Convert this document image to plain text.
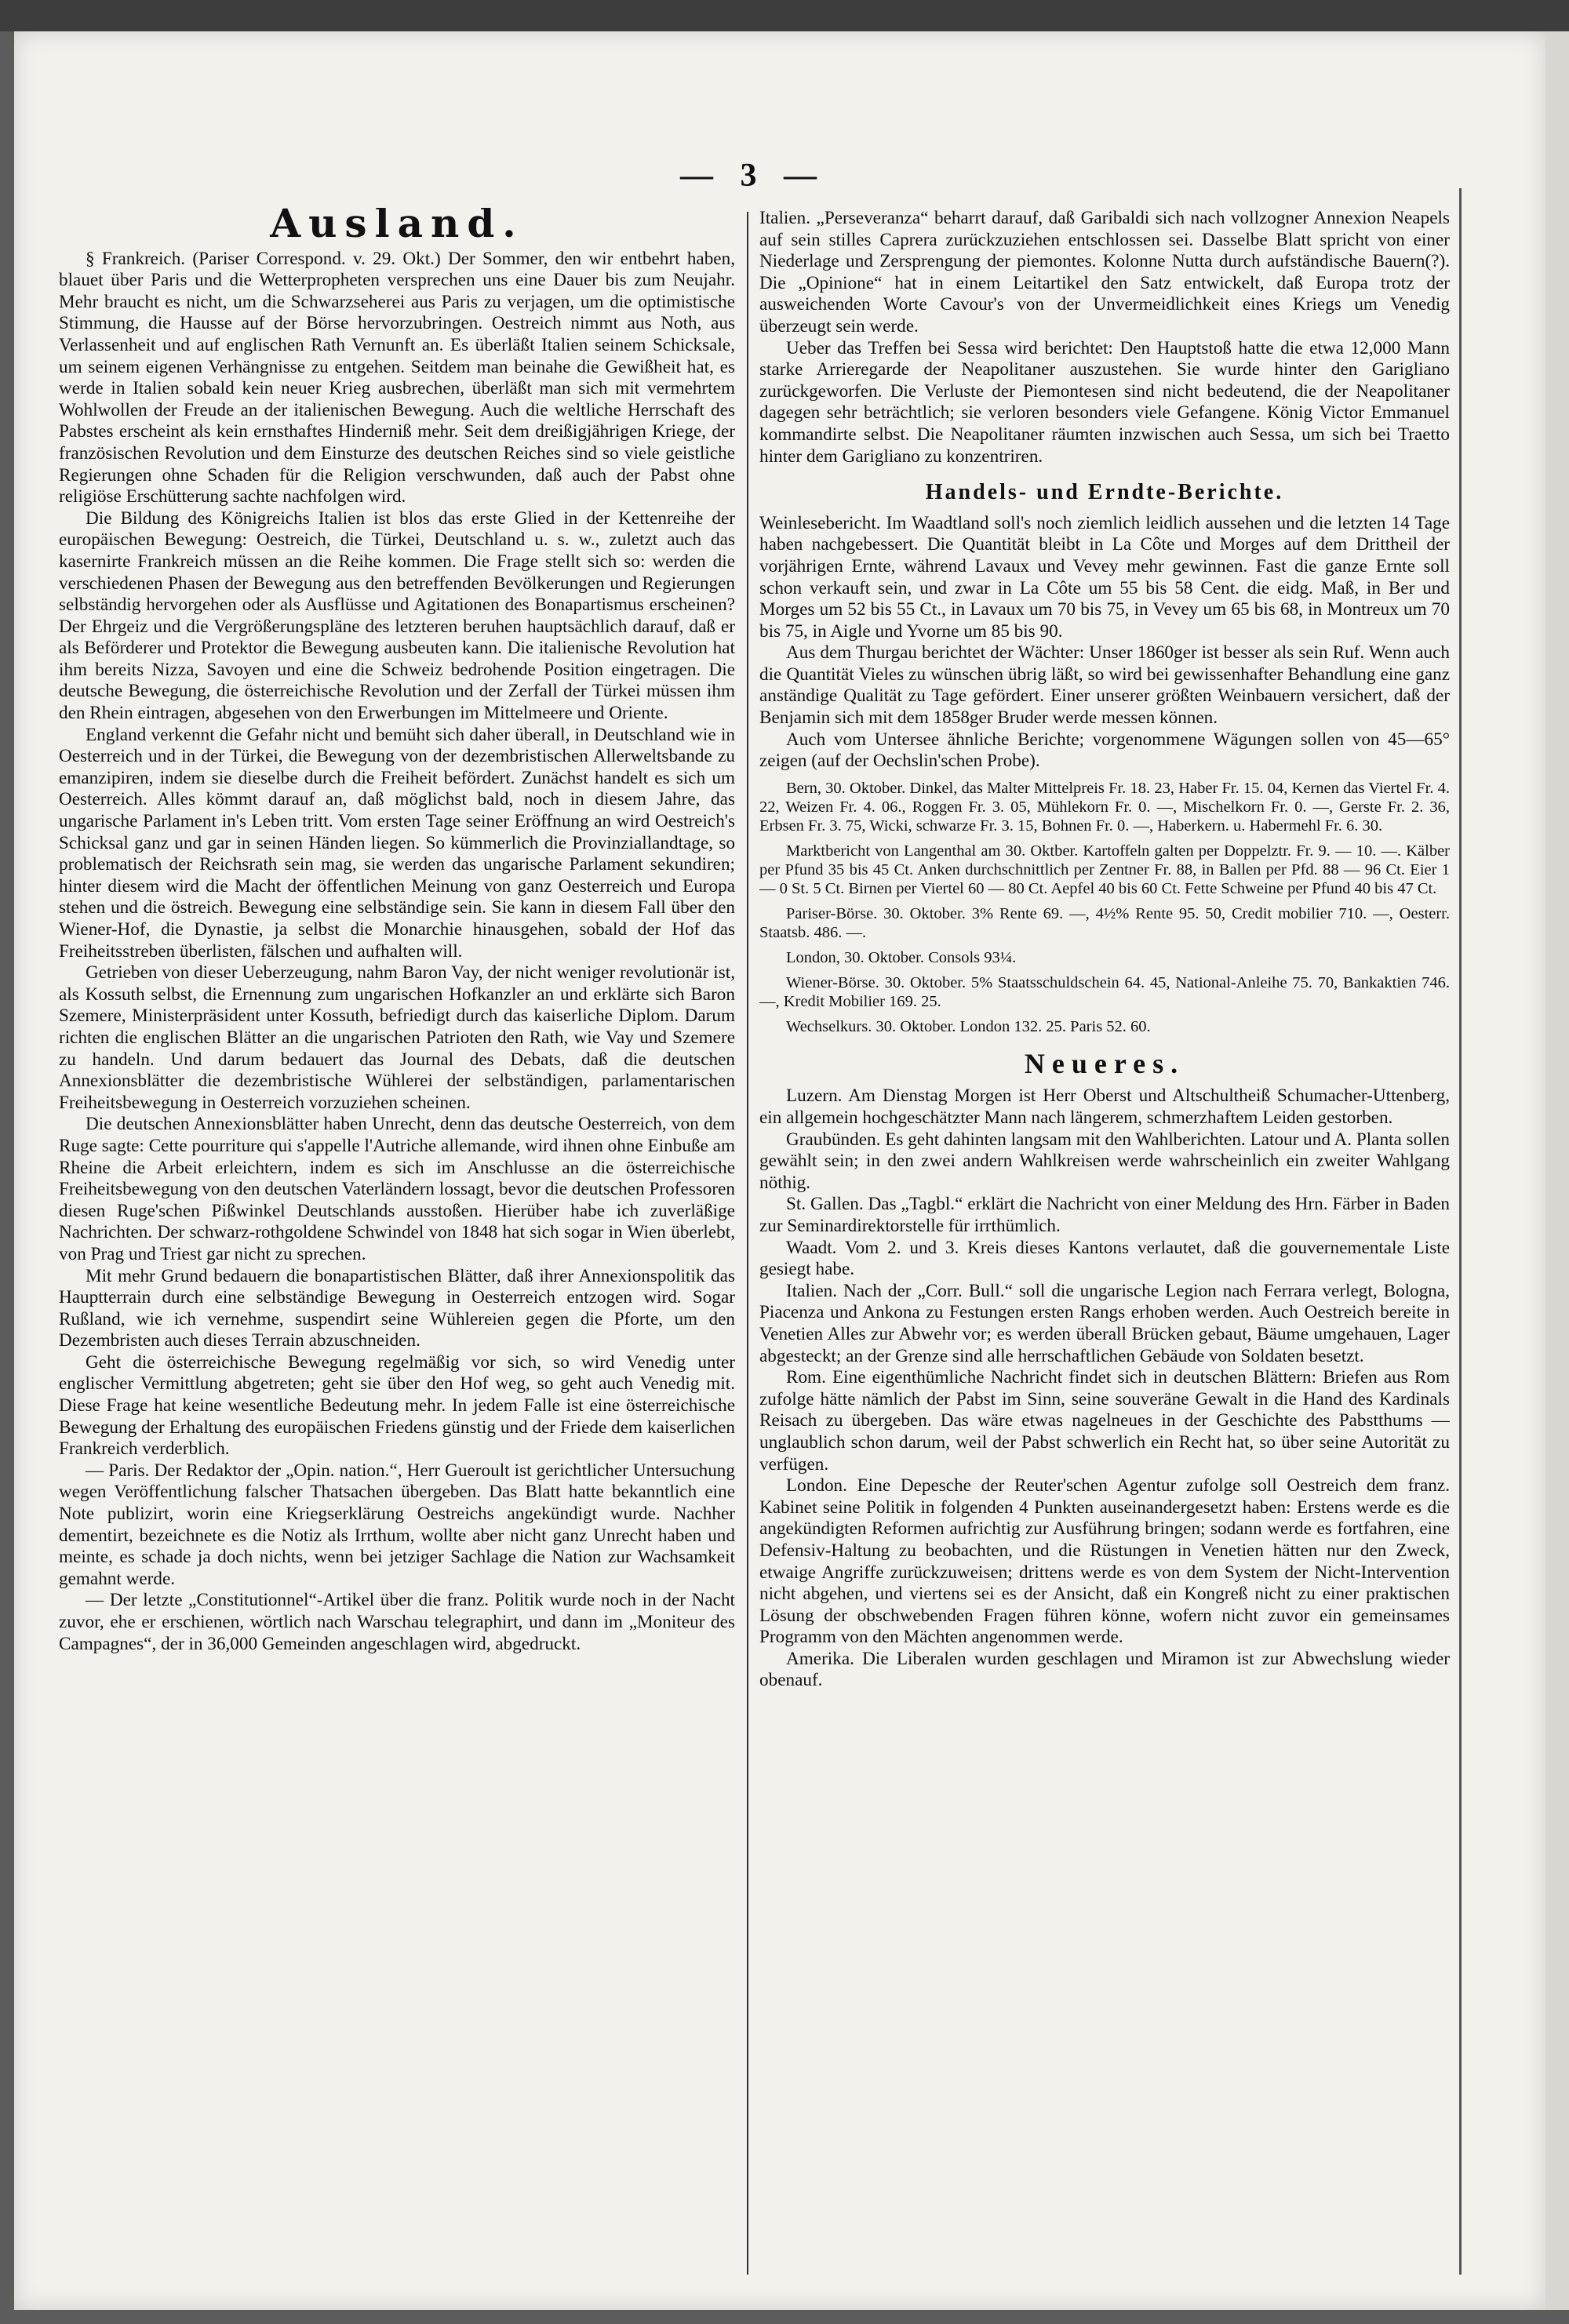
— 3 —
Ausland.

§ Frankreich. (Pariser Correspond. v. 29. Okt.) Der Sommer, den wir entbehrt haben, blauet über Paris und die Wetterpropheten versprechen uns eine Dauer bis zum Neujahr. Mehr braucht es nicht, um die Schwarzseherei aus Paris zu verjagen, um die optimistische Stimmung, die Hausse auf der Börse hervorzubringen. Oestreich nimmt aus Noth, aus Verlassenheit und auf englischen Rath Vernunft an. Es überläßt Italien seinem Schicksale, um seinem eigenen Verhängnisse zu entgehen. Seitdem man beinahe die Gewißheit hat, es werde in Italien sobald kein neuer Krieg ausbrechen, überläßt man sich mit vermehrtem Wohlwollen der Freude an der italienischen Bewegung. Auch die weltliche Herrschaft des Pabstes erscheint als kein ernsthaftes Hinderniß mehr. Seit dem dreißigjährigen Kriege, der französischen Revolution und dem Einsturze des deutschen Reiches sind so viele geistliche Regierungen ohne Schaden für die Religion verschwunden, daß auch der Pabst ohne religiöse Erschütterung sachte nachfolgen wird.

Die Bildung des Königreichs Italien ist blos das erste Glied in der Kettenreihe der europäischen Bewegung: Oestreich, die Türkei, Deutschland u. s. w., zuletzt auch das kasernirte Frankreich müssen an die Reihe kommen. Die Frage stellt sich so: werden die verschiedenen Phasen der Bewegung aus den betreffenden Bevölkerungen und Regierungen selbständig hervorgehen oder als Ausflüsse und Agitationen des Bonapartismus erscheinen? Der Ehrgeiz und die Vergrößerungspläne des letzteren beruhen hauptsächlich darauf, daß er als Beförderer und Protektor die Bewegung ausbeuten kann. Die italienische Revolution hat ihm bereits Nizza, Savoyen und eine die Schweiz bedrohende Position eingetragen. Die deutsche Bewegung, die österreichische Revolution und der Zerfall der Türkei müssen ihm den Rhein eintragen, abgesehen von den Erwerbungen im Mittelmeere und Oriente.

England verkennt die Gefahr nicht und bemüht sich daher überall, in Deutschland wie in Oesterreich und in der Türkei, die Bewegung von der dezembristischen Allerweltsbande zu emanzipiren, indem sie dieselbe durch die Freiheit befördert. Zunächst handelt es sich um Oesterreich. Alles kömmt darauf an, daß möglichst bald, noch in diesem Jahre, das ungarische Parlament in's Leben tritt. Vom ersten Tage seiner Eröffnung an wird Oestreich's Schicksal ganz und gar in seinen Händen liegen. So kümmerlich die Provinziallandtage, so problematisch der Reichsrath sein mag, sie werden das ungarische Parlament sekundiren; hinter diesem wird die Macht der öffentlichen Meinung von ganz Oesterreich und Europa stehen und die östreich. Bewegung eine selbständige sein. Sie kann in diesem Fall über den Wiener-Hof, die Dynastie, ja selbst die Monarchie hinausgehen, sobald der Hof das Freiheitsstreben überlisten, fälschen und aufhalten will.

Getrieben von dieser Ueberzeugung, nahm Baron Vay, der nicht weniger revolutionär ist, als Kossuth selbst, die Ernennung zum ungarischen Hofkanzler an und erklärte sich Baron Szemere, Ministerpräsident unter Kossuth, befriedigt durch das kaiserliche Diplom. Darum richten die englischen Blätter an die ungarischen Patrioten den Rath, wie Vay und Szemere zu handeln. Und darum bedauert das Journal des Debats, daß die deutschen Annexionsblätter die dezembristische Wühlerei der selbständigen, parlamentarischen Freiheitsbewegung in Oesterreich vorzuziehen scheinen.

Die deutschen Annexionsblätter haben Unrecht, denn das deutsche Oesterreich, von dem Ruge sagte: Cette pourriture qui s'appelle l'Autriche allemande, wird ihnen ohne Einbuße am Rheine die Arbeit erleichtern, indem es sich im Anschlusse an die österreichische Freiheitsbewegung von den deutschen Vaterländern lossagt, bevor die deutschen Professoren diesen Ruge'schen Pißwinkel Deutschlands ausstoßen. Hierüber habe ich zuverläßige Nachrichten. Der schwarz-rothgoldene Schwindel von 1848 hat sich sogar in Wien überlebt, von Prag und Triest gar nicht zu sprechen.

Mit mehr Grund bedauern die bonapartistischen Blätter, daß ihrer Annexionspolitik das Hauptterrain durch eine selbständige Bewegung in Oesterreich entzogen wird. Sogar Rußland, wie ich vernehme, suspendirt seine Wühlereien gegen die Pforte, um den Dezembristen auch dieses Terrain abzuschneiden.

Geht die österreichische Bewegung regelmäßig vor sich, so wird Venedig unter englischer Vermittlung abgetreten; geht sie über den Hof weg, so geht auch Venedig mit. Diese Frage hat keine wesentliche Bedeutung mehr. In jedem Falle ist eine österreichische Bewegung der Erhaltung des europäischen Friedens günstig und der Friede dem kaiserlichen Frankreich verderblich.

— Paris. Der Redaktor der „Opin. nation.“, Herr Gueroult ist gerichtlicher Untersuchung wegen Veröffentlichung falscher Thatsachen übergeben. Das Blatt hatte bekanntlich eine Note publizirt, worin eine Kriegserklärung Oestreichs angekündigt wurde. Nachher dementirt, bezeichnete es die Notiz als Irrthum, wollte aber nicht ganz Unrecht haben und meinte, es schade ja doch nichts, wenn bei jetziger Sachlage die Nation zur Wachsamkeit gemahnt werde.

— Der letzte „Constitutionnel“-Artikel über die franz. Politik wurde noch in der Nacht zuvor, ehe er erschienen, wörtlich nach Warschau telegraphirt, und dann im „Moniteur des Campagnes“, der in 36,000 Gemeinden angeschlagen wird, abgedruckt.

Italien. „Perseveranza“ beharrt darauf, daß Garibaldi sich nach vollzogner Annexion Neapels auf sein stilles Caprera zurückzuziehen entschlossen sei. Dasselbe Blatt spricht von einer Niederlage und Zersprengung der piemontes. Kolonne Nutta durch aufständische Bauern(?). Die „Opinione“ hat in einem Leitartikel den Satz entwickelt, daß Europa trotz der ausweichenden Worte Cavour's von der Unvermeidlichkeit eines Kriegs um Venedig überzeugt sein werde.

Ueber das Treffen bei Sessa wird berichtet: Den Hauptstoß hatte die etwa 12,000 Mann starke Arrieregarde der Neapolitaner auszustehen. Sie wurde hinter den Garigliano zurückgeworfen. Die Verluste der Piemontesen sind nicht bedeutend, die der Neapolitaner dagegen sehr beträchtlich; sie verloren besonders viele Gefangene. König Victor Emmanuel kommandirte selbst. Die Neapolitaner räumten inzwischen auch Sessa, um sich bei Traetto hinter dem Garigliano zu konzentriren.

Handels- und Erndte-Berichte.

Weinlesebericht. Im Waadtland soll's noch ziemlich leidlich aussehen und die letzten 14 Tage haben nachgebessert. Die Quantität bleibt in La Côte und Morges auf dem Drittheil der vorjährigen Ernte, während Lavaux und Vevey mehr gewinnen. Fast die ganze Ernte soll schon verkauft sein, und zwar in La Côte um 55 bis 58 Cent. die eidg. Maß, in Ber und Morges um 52 bis 55 Ct., in Lavaux um 70 bis 75, in Vevey um 65 bis 68, in Montreux um 70 bis 75, in Aigle und Yvorne um 85 bis 90.

Aus dem Thurgau berichtet der Wächter: Unser 1860ger ist besser als sein Ruf. Wenn auch die Quantität Vieles zu wünschen übrig läßt, so wird bei gewissenhafter Behandlung eine ganz anständige Qualität zu Tage gefördert. Einer unserer größten Weinbauern versichert, daß der Benjamin sich mit dem 1858ger Bruder werde messen können.

Auch vom Untersee ähnliche Berichte; vorgenommene Wägungen sollen von 45—65° zeigen (auf der Oechslin'schen Probe).

Bern, 30. Oktober. Dinkel, das Malter Mittelpreis Fr. 18. 23, Haber Fr. 15. 04, Kernen das Viertel Fr. 4. 22, Weizen Fr. 4. 06., Roggen Fr. 3. 05, Mühlekorn Fr. 0. —, Mischelkorn Fr. 0. —, Gerste Fr. 2. 36, Erbsen Fr. 3. 75, Wicki, schwarze Fr. 3. 15, Bohnen Fr. 0. —, Haberkern. u. Habermehl Fr. 6. 30.

Marktbericht von Langenthal am 30. Oktber. Kartoffeln galten per Doppelztr. Fr. 9. — 10. —. Kälber per Pfund 35 bis 45 Ct. Anken durchschnittlich per Zentner Fr. 88, in Ballen per Pfd. 88 — 96 Ct. Eier 1 — 0 St. 5 Ct. Birnen per Viertel 60 — 80 Ct. Aepfel 40 bis 60 Ct. Fette Schweine per Pfund 40 bis 47 Ct.

Pariser-Börse. 30. Oktober. 3% Rente 69. —, 4½% Rente 95. 50, Credit mobilier 710. —, Oesterr. Staatsb. 486. —.

London, 30. Oktober. Consols 93¼.

Wiener-Börse. 30. Oktober. 5% Staatsschuldschein 64. 45, National-Anleihe 75. 70, Bankaktien 746. —, Kredit Mobilier 169. 25.

Wechselkurs. 30. Oktober. London 132. 25. Paris 52. 60.

Neueres.

Luzern. Am Dienstag Morgen ist Herr Oberst und Altschultheiß Schumacher-Uttenberg, ein allgemein hochgeschätzter Mann nach längerem, schmerzhaftem Leiden gestorben.

Graubünden. Es geht dahinten langsam mit den Wahlberichten. Latour und A. Planta sollen gewählt sein; in den zwei andern Wahlkreisen werde wahrscheinlich ein zweiter Wahlgang nöthig.

St. Gallen. Das „Tagbl.“ erklärt die Nachricht von einer Meldung des Hrn. Färber in Baden zur Seminardirektorstelle für irrthümlich.

Waadt. Vom 2. und 3. Kreis dieses Kantons verlautet, daß die gouvernementale Liste gesiegt habe.

Italien. Nach der „Corr. Bull.“ soll die ungarische Legion nach Ferrara verlegt, Bologna, Piacenza und Ankona zu Festungen ersten Rangs erhoben werden. Auch Oestreich bereite in Venetien Alles zur Abwehr vor; es werden überall Brücken gebaut, Bäume umgehauen, Lager abgesteckt; an der Grenze sind alle herrschaftlichen Gebäude von Soldaten besetzt.

Rom. Eine eigenthümliche Nachricht findet sich in deutschen Blättern: Briefen aus Rom zufolge hätte nämlich der Pabst im Sinn, seine souveräne Gewalt in die Hand des Kardinals Reisach zu übergeben. Das wäre etwas nagelneues in der Geschichte des Pabstthums — unglaublich schon darum, weil der Pabst schwerlich ein Recht hat, so über seine Autorität zu verfügen.

London. Eine Depesche der Reuter'schen Agentur zufolge soll Oestreich dem franz. Kabinet seine Politik in folgenden 4 Punkten auseinandergesetzt haben: Erstens werde es die angekündigten Reformen aufrichtig zur Ausführung bringen; sodann werde es fortfahren, eine Defensiv-Haltung zu beobachten, und die Rüstungen in Venetien hätten nur den Zweck, etwaige Angriffe zurückzuweisen; drittens werde es von dem System der Nicht-Intervention nicht abgehen, und viertens sei es der Ansicht, daß ein Kongreß nicht zu einer praktischen Lösung der obschwebenden Fragen führen könne, wofern nicht zuvor ein gemeinsames Programm von den Mächten angenommen werde.

Amerika. Die Liberalen wurden geschlagen und Miramon ist zur Abwechslung wieder obenauf.
